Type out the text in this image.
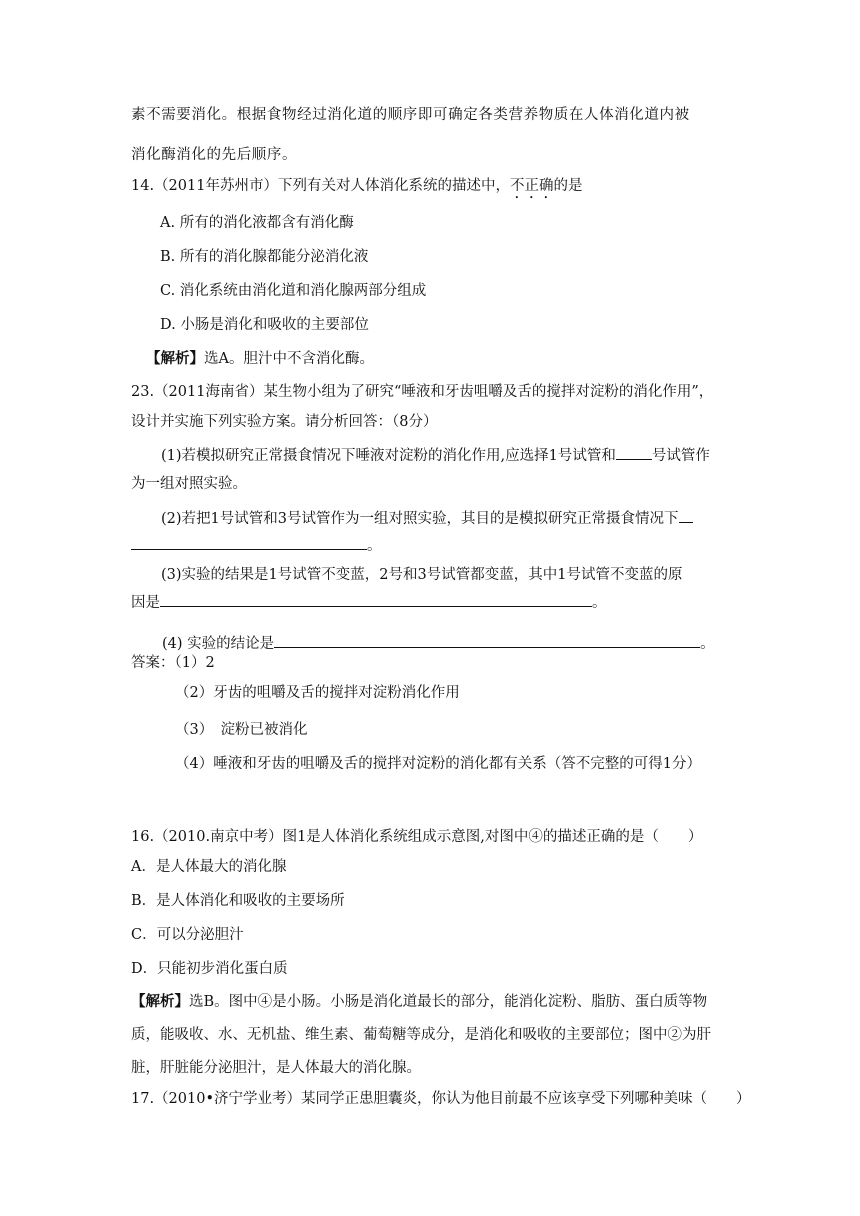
素不需要消化。根据食物经过消化道的顺序即可确定各类营养物质在人体消化道内被
消化酶消化的先后顺序。
14.（2011年苏州市）下列有关对人体消化系统的描述中，不正确的是
A. 所有的消化液都含有消化酶
B. 所有的消化腺都能分泌消化液
C. 消化系统由消化道和消化腺两部分组成
D. 小肠是消化和吸收的主要部位
【解析】选A。胆汁中不含消化酶。
23.（2011海南省）某生物小组为了研究“唾液和牙齿咀嚼及舌的搅拌对淀粉的消化作用”，
设计并实施下列实验方案。请分析回答：（8分）
(1)若模拟研究正常摄食情况下唾液对淀粉的消化作用,应选择1号试管和 号试管作
为一组对照实验。
(2)若把1号试管和3号试管作为一组对照实验，其目的是模拟研究正常摄食情况下
。
(3)实验的结果是1号试管不变蓝，2号和3号试管都变蓝，其中1号试管不变蓝的原
因是	。
(4) 实验的结论是	。
答案：（1）2
（2）牙齿的咀嚼及舌的搅拌对淀粉消化作用
（3）　淀粉已被消化
（4）唾液和牙齿的咀嚼及舌的搅拌对淀粉的消化都有关系（答不完整的可得1分）
16.（2010.南京中考）图1是人体消化系统组成示意图,对图中④的描述正确的是（　　）
A．是人体最大的消化腺
B．是人体消化和吸收的主要场所
C．可以分泌胆汁
D．只能初步消化蛋白质
【解析】选B。图中④是小肠。小肠是消化道最长的部分，能消化淀粉、脂肪、蛋白质等物
质，能吸收、水、无机盐、维生素、葡萄糖等成分，是消化和吸收的主要部位；图中②为肝
脏，肝脏能分泌胆汁，是人体最大的消化腺。
17.（2010•济宁学业考）某同学正患胆囊炎，你认为他目前最不应该享受下列哪种美味（　　）
